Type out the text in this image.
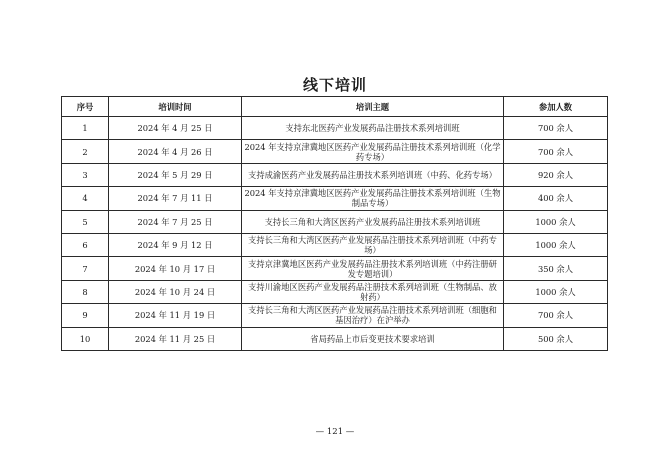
线下培训
序号	培训时间	培训主题	参加人数
1	2024 年 4 月 25 日	支持东北医药产业发展药品注册技术系列培训班	700 余人
2	2024 年 4 月 26 日	2024 年支持京津冀地区医药产业发展药品注册技术系列培训班（化学药专场）	700 余人
3	2024 年 5 月 29 日	支持成渝医药产业发展药品注册技术系列培训班（中药、化药专场）	920 余人
4	2024 年 7 月 11 日	2024 年支持京津冀地区医药产业发展药品注册技术系列培训班（生物制品专场）	400 余人
5	2024 年 7 月 25 日	支持长三角和大湾区医药产业发展药品注册技术系列培训班	1000 余人
6	2024 年 9 月 12 日	支持长三角和大湾区医药产业发展药品注册技术系列培训班（中药专场）	1000 余人
7	2024 年 10 月 17 日	支持京津冀地区医药产业发展药品注册技术系列培训班（中药注册研发专题培训）	350 余人
8	2024 年 10 月 24 日	支持川渝地区医药产业发展药品注册技术系列培训班（生物制品、放射药）	1000 余人
9	2024 年 11 月 19 日	支持长三角和大湾区医药产业发展药品注册技术系列培训班（细胞和基因治疗）在沪举办	700 余人
10	2024 年 11 月 25 日	省局药品上市后变更技术要求培训	500 余人
— 121 —
